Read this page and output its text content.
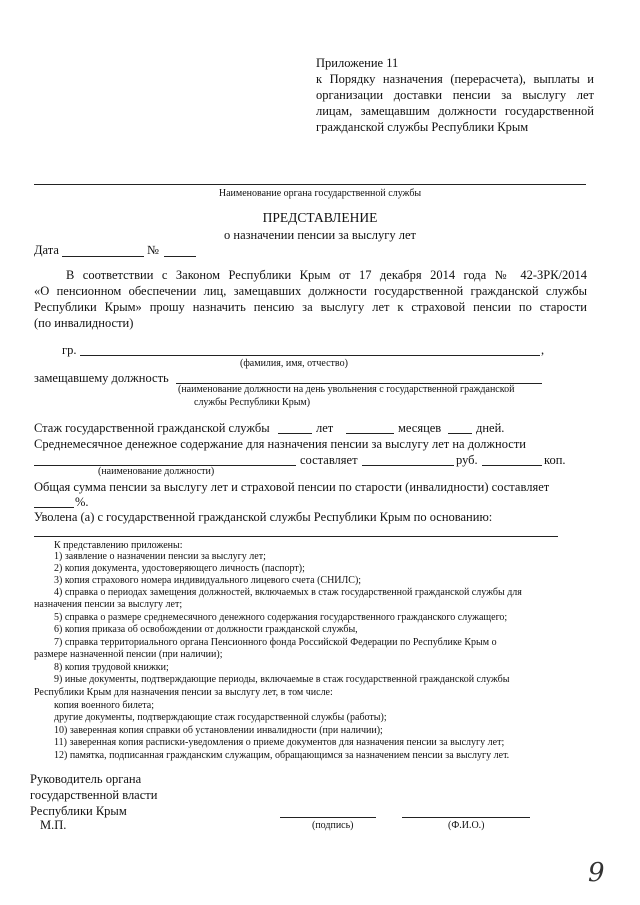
Приложение 11
к Порядку назначения (перерасчета), выплаты и
организации доставки пенсии за выслугу лет
лицам, замещавшим должности государственной
гражданской службы Республики Крым
Наименование органа государственной службы
ПРЕДСТАВЛЕНИЕ
о назначении пенсии за выслугу лет
Дата	№
В соответствии с Законом Республики Крым от 17 декабря 2014 года № 42-ЗРК/2014
«О пенсионном обеспечении лиц, замещавших должности государственной гражданской службы
Республики Крым» прошу назначить пенсию за выслугу лет к страховой пенсии по старости
(по инвалидности)
гр.	,
(фамилия, имя, отчество)
замещавшему должность
(наименование должности на день увольнения с государственной гражданской
службы Республики Крым)
Стаж государственной гражданской службы	лет	месяцев	дней.
Среднемесячное денежное содержание для назначения пенсии за выслугу лет на должности
составляет	руб.	коп.
(наименование должности)
Общая сумма пенсии за выслугу лет и страховой пенсии по старости (инвалидности) составляет
%.
Уволена (а) с государственной гражданской службы Республики Крым по основанию:
К представлению приложены:
1) заявление о назначении пенсии за выслугу лет;
2) копия документа, удостоверяющего личность (паспорт);
3) копия страхового номера индивидуального лицевого счета (СНИЛС);
4) справка о периодах замещения должностей, включаемых в стаж государственной гражданской службы для
назначения пенсии за выслугу лет;
5) справка о размере среднемесячного денежного содержания государственного гражданского служащего;
6) копия приказа об освобождении от должности гражданской службы,
7) справка территориального органа Пенсионного фонда Российской Федерации по Республике Крым о
размере назначенной пенсии (при наличии);
8) копия трудовой книжки;
9) иные документы, подтверждающие периоды, включаемые в стаж государственной гражданской службы
Республики Крым для назначения пенсии за выслугу лет, в том числе:
копия военного билета;
другие документы, подтверждающие стаж государственной службы (работы);
10) заверенная копия справки об установлении инвалидности (при наличии);
11) заверенная копия расписки-уведомления о приеме документов для назначения пенсии за выслугу лет;
12) памятка, подписанная гражданским служащим, обращающимся за назначением пенсии за выслугу лет.
Руководитель органа
государственной власти
Республики Крым
М.П.	(подпись)	(Ф.И.О.)
9
